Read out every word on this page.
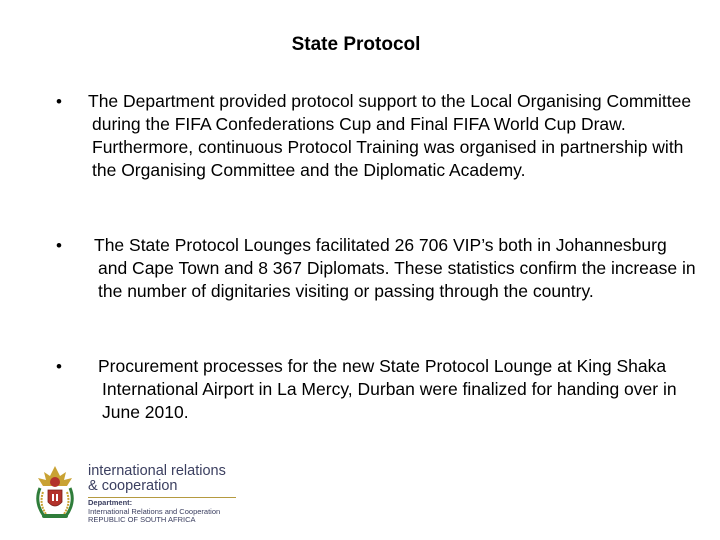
State Protocol
• The Department provided protocol support to the Local Organising Committee during the FIFA Confederations Cup and Final FIFA World Cup Draw. Furthermore, continuous Protocol Training was organised in partnership with the Organising Committee and the Diplomatic Academy.
• The State Protocol Lounges facilitated 26 706 VIP’s both in Johannesburg and Cape Town and 8 367 Diplomats. These statistics confirm the increase in the number of dignitaries visiting or passing through the country.
• Procurement processes for the new State Protocol Lounge at King Shaka International Airport in La Mercy, Durban were finalized for handing over in June 2010.
international relations
& cooperation
Department:
International Relations and Cooperation
REPUBLIC OF SOUTH AFRICA
